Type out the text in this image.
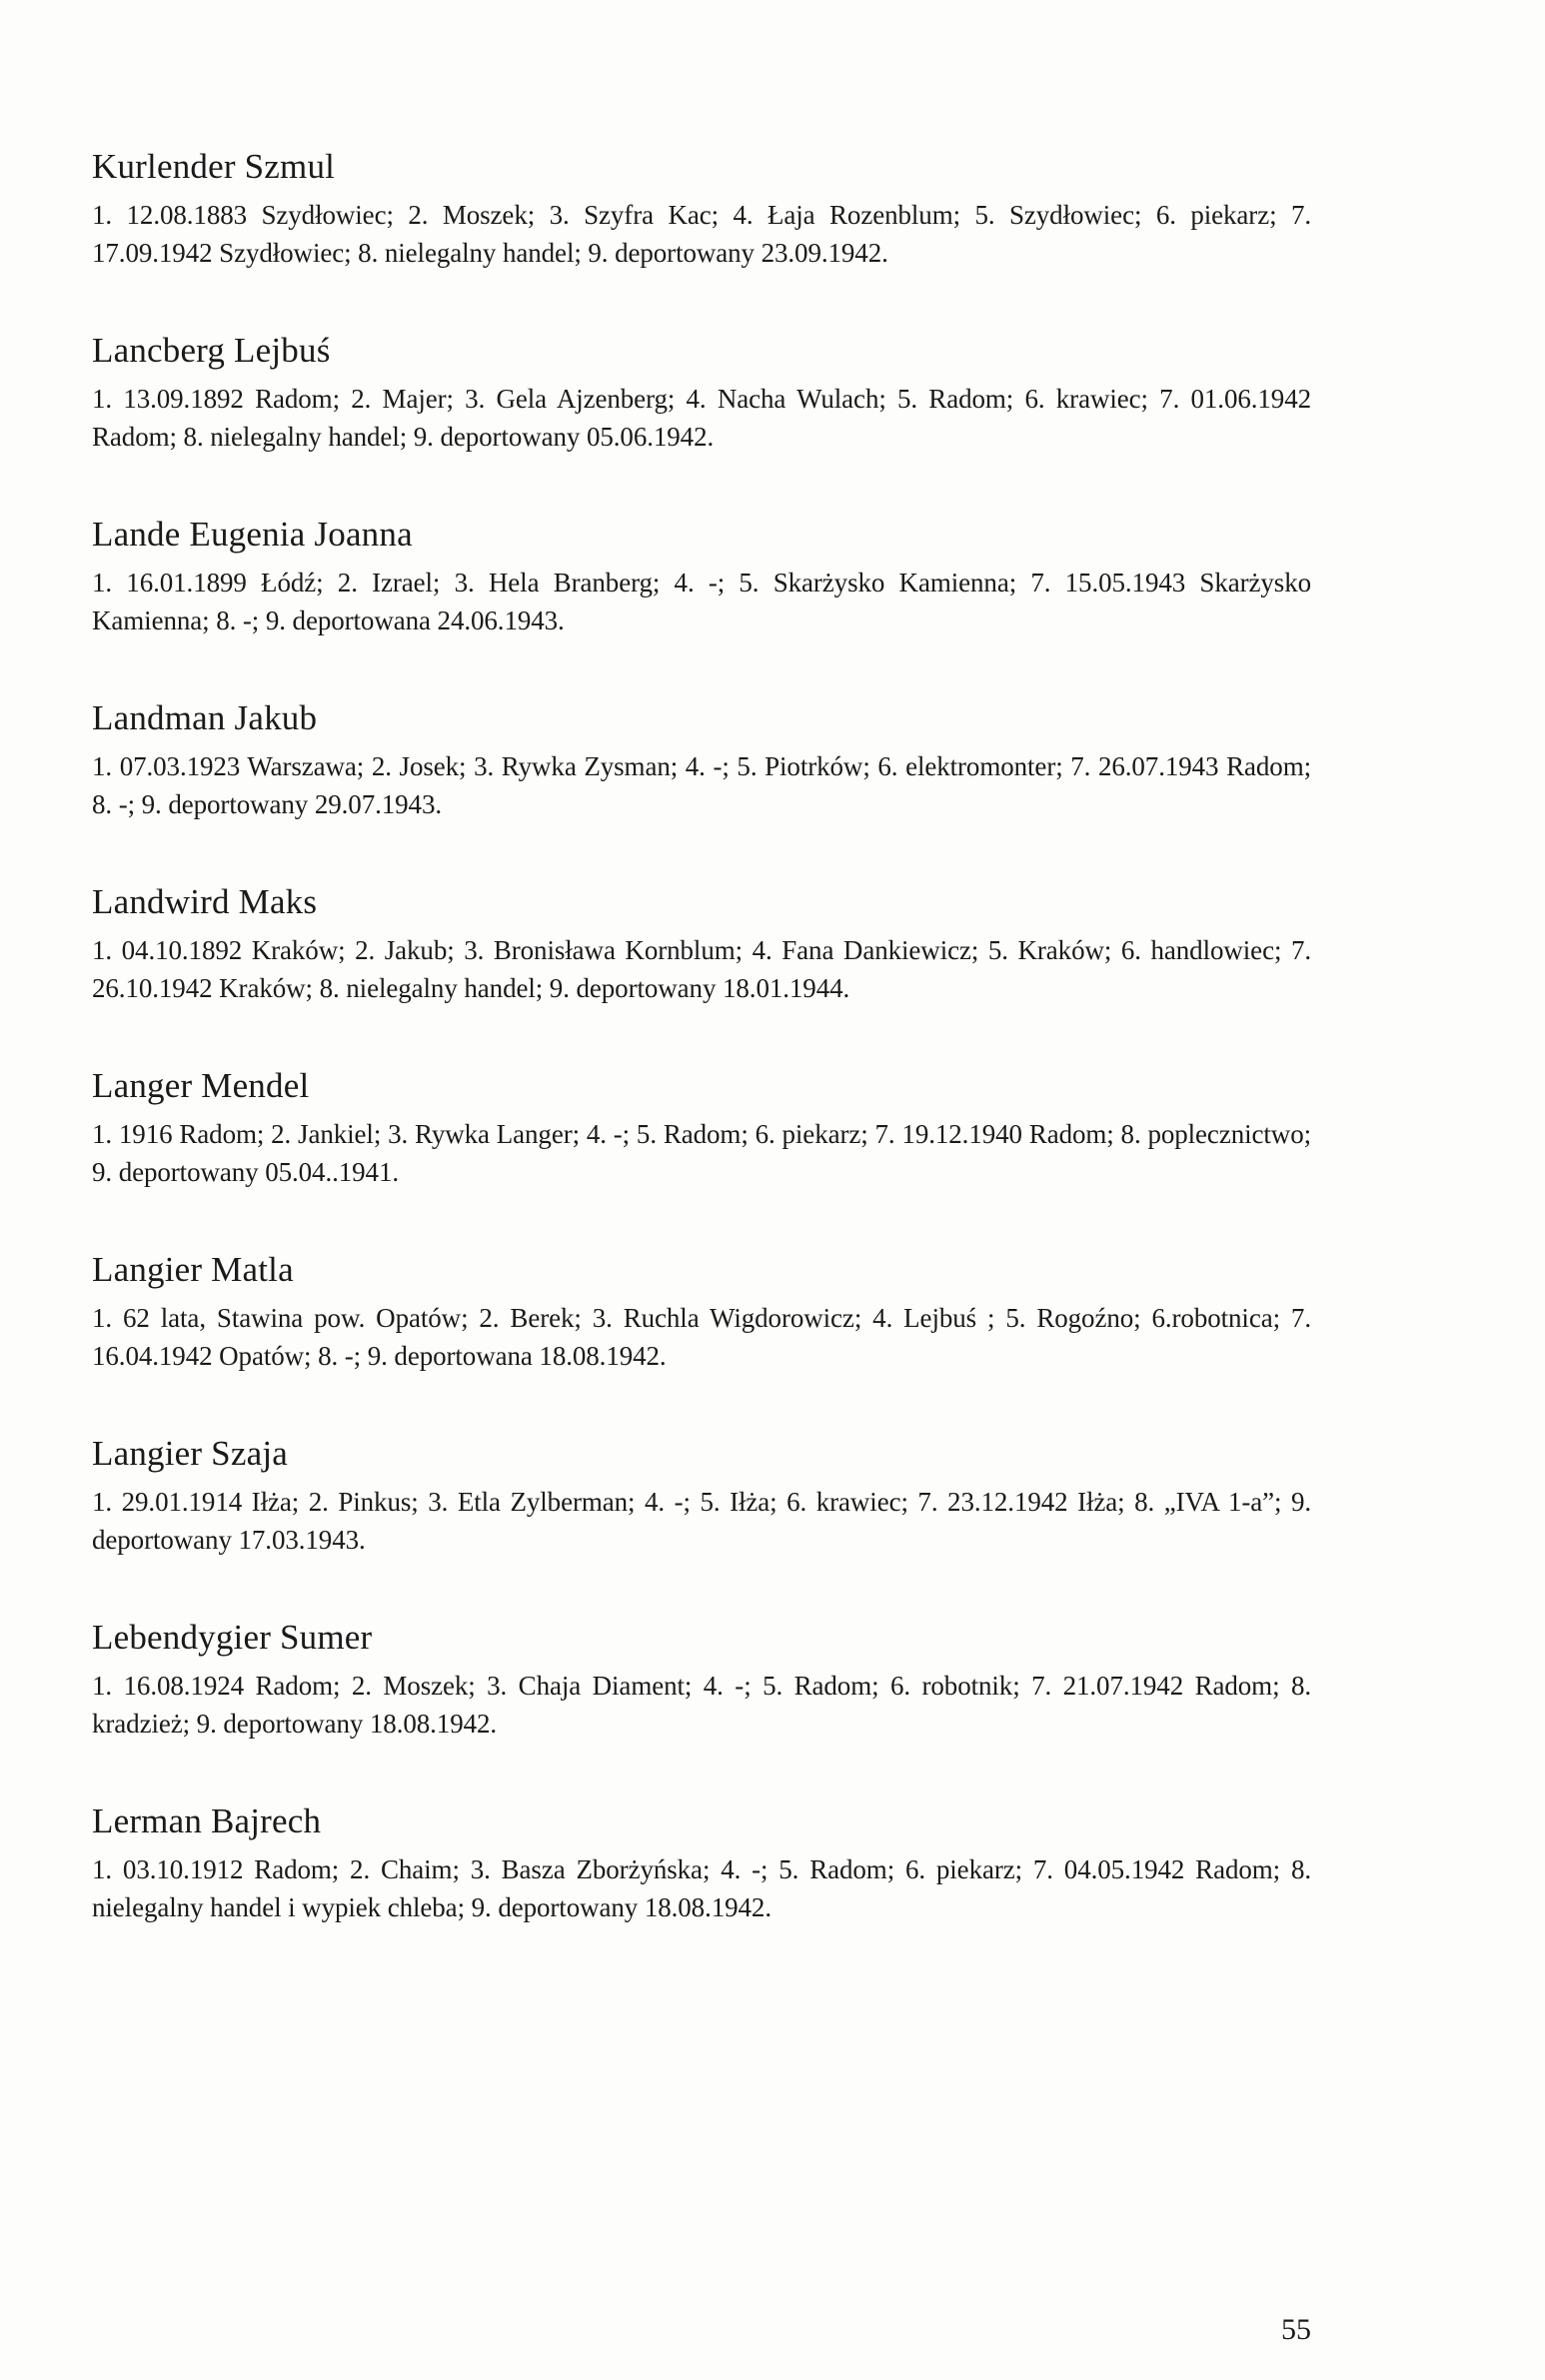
Kurlender Szmul

1. 12.08.1883 Szydłowiec; 2. Moszek; 3. Szyfra Kac; 4. Łaja Rozenblum; 5. Szydłowiec; 6. piekarz; 7. 17.09.1942 Szydłowiec; 8. nielegalny handel; 9. deportowany 23.09.1942.

Lancberg Lejbuś

1. 13.09.1892 Radom; 2. Majer; 3. Gela Ajzenberg; 4. Nacha Wulach; 5. Radom; 6. krawiec; 7. 01.06.1942 Radom; 8. nielegalny handel; 9. deportowany 05.06.1942.

Lande Eugenia Joanna

1. 16.01.1899 Łódź; 2. Izrael; 3. Hela Branberg; 4. -; 5. Skarżysko Kamienna; 7. 15.05.1943 Skarżysko Kamienna; 8. -; 9. deportowana 24.06.1943.

Landman Jakub

1. 07.03.1923 Warszawa; 2. Josek; 3. Rywka Zysman; 4. -; 5. Piotrków; 6. elektromonter; 7. 26.07.1943 Radom; 8. -; 9. deportowany 29.07.1943.

Landwird Maks

1. 04.10.1892 Kraków; 2. Jakub; 3. Bronisława Kornblum; 4. Fana Dankiewicz; 5. Kraków; 6. handlowiec; 7. 26.10.1942 Kraków; 8. nielegalny handel; 9. deportowany 18.01.1944.

Langer Mendel

1. 1916 Radom; 2. Jankiel; 3. Rywka Langer; 4. -; 5. Radom; 6. piekarz; 7. 19.12.1940 Radom; 8. poplecznictwo; 9. deportowany 05.04..1941.

Langier Matla

1. 62 lata, Stawina pow. Opatów; 2. Berek; 3. Ruchla Wigdorowicz; 4. Lejbuś ; 5. Rogoźno; 6.robotnica; 7. 16.04.1942 Opatów; 8. -; 9. deportowana 18.08.1942.

Langier Szaja

1. 29.01.1914 Iłża; 2. Pinkus; 3. Etla Zylberman; 4. -; 5. Iłża; 6. krawiec; 7. 23.12.1942 Iłża; 8. „IVA 1-a”; 9. deportowany 17.03.1943.

Lebendygier Sumer

1. 16.08.1924 Radom; 2. Moszek; 3. Chaja Diament; 4. -; 5. Radom; 6. robotnik; 7. 21.07.1942 Radom; 8. kradzież; 9. deportowany 18.08.1942.

Lerman Bajrech

1. 03.10.1912 Radom; 2. Chaim; 3. Basza Zborżyńska; 4. -; 5. Radom; 6. piekarz; 7. 04.05.1942 Radom; 8. nielegalny handel i wypiek chleba; 9. deportowany 18.08.1942.

55
